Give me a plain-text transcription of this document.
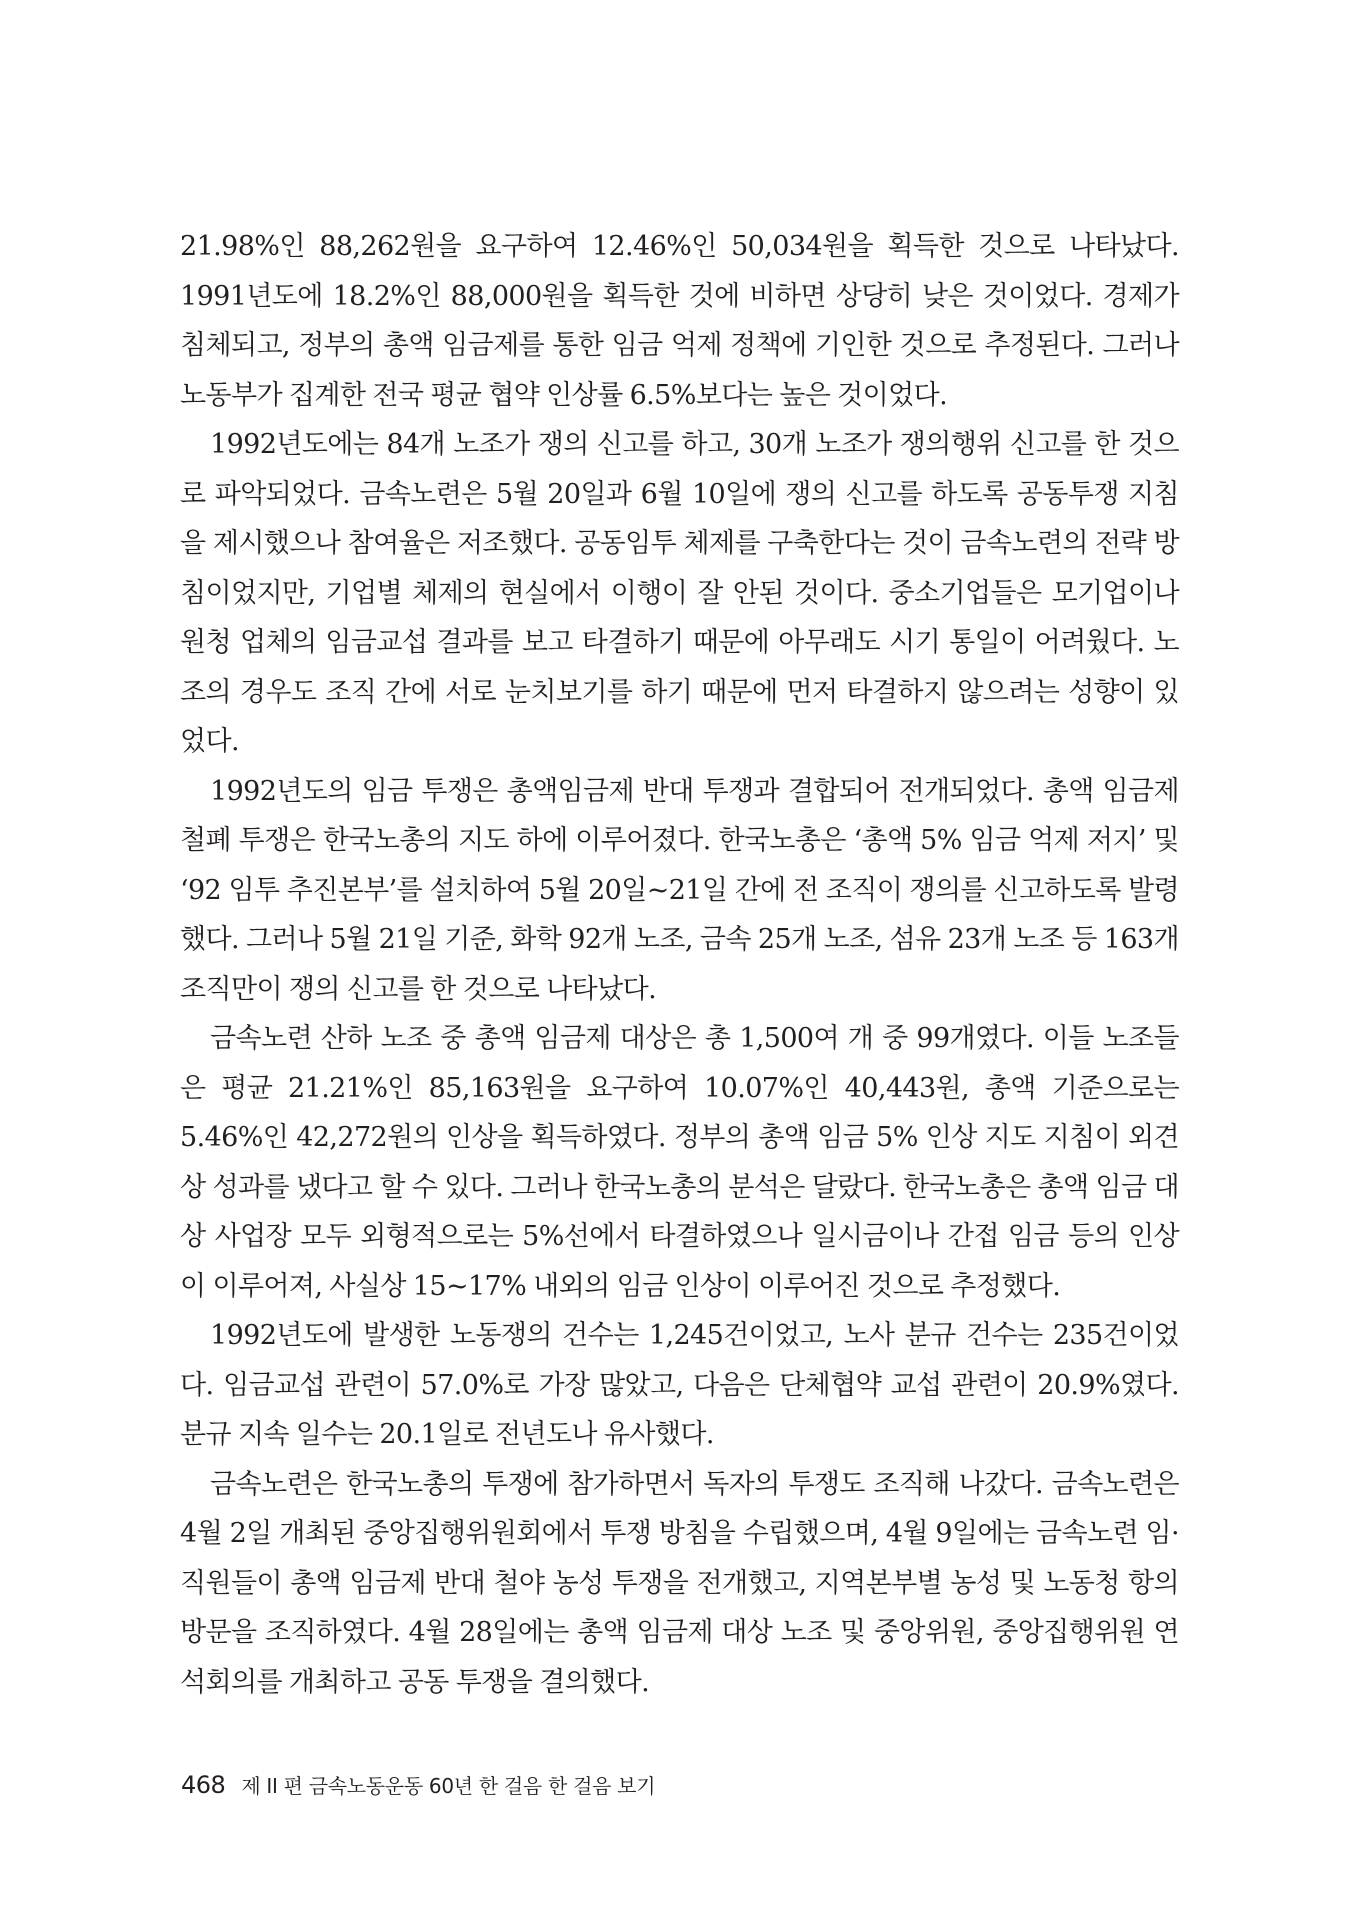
21.98%인 88,262원을 요구하여 12.46%인 50,034원을 획득한 것으로 나타났다. 1991년도에 18.2%인 88,000원을 획득한 것에 비하면 상당히 낮은 것이었다. 경제가 침체되고, 정부의 총액 임금제를 통한 임금 억제 정책에 기인한 것으로 추정된다. 그러나 노동부가 집계한 전국 평균 협약 인상률 6.5%보다는 높은 것이었다.

1992년도에는 84개 노조가 쟁의 신고를 하고, 30개 노조가 쟁의행위 신고를 한 것으로 파악되었다. 금속노련은 5월 20일과 6월 10일에 쟁의 신고를 하도록 공동투쟁 지침을 제시했으나 참여율은 저조했다. 공동임투 체제를 구축한다는 것이 금속노련의 전략 방침이었지만, 기업별 체제의 현실에서 이행이 잘 안된 것이다. 중소기업들은 모기업이나 원청 업체의 임금교섭 결과를 보고 타결하기 때문에 아무래도 시기 통일이 어려웠다. 노조의 경우도 조직 간에 서로 눈치보기를 하기 때문에 먼저 타결하지 않으려는 성향이 있었다.

1992년도의 임금 투쟁은 총액임금제 반대 투쟁과 결합되어 전개되었다. 총액 임금제 철폐 투쟁은 한국노총의 지도 하에 이루어졌다. 한국노총은 ‘총액 5% 임금 억제 저지’ 및 ‘92 임투 추진본부’를 설치하여 5월 20일~21일 간에 전 조직이 쟁의를 신고하도록 발령했다. 그러나 5월 21일 기준, 화학 92개 노조, 금속 25개 노조, 섬유 23개 노조 등 163개 조직만이 쟁의 신고를 한 것으로 나타났다.

금속노련 산하 노조 중 총액 임금제 대상은 총 1,500여 개 중 99개였다. 이들 노조들은 평균 21.21%인 85,163원을 요구하여 10.07%인 40,443원, 총액 기준으로는 5.46%인 42,272원의 인상을 획득하였다. 정부의 총액 임금 5% 인상 지도 지침이 외견상 성과를 냈다고 할 수 있다. 그러나 한국노총의 분석은 달랐다. 한국노총은 총액 임금 대상 사업장 모두 외형적으로는 5%선에서 타결하였으나 일시금이나 간접 임금 등의 인상이 이루어져, 사실상 15~17% 내외의 임금 인상이 이루어진 것으로 추정했다.

1992년도에 발생한 노동쟁의 건수는 1,245건이었고, 노사 분규 건수는 235건이었다. 임금교섭 관련이 57.0%로 가장 많았고, 다음은 단체협약 교섭 관련이 20.9%였다. 분규 지속 일수는 20.1일로 전년도나 유사했다.

금속노련은 한국노총의 투쟁에 참가하면서 독자의 투쟁도 조직해 나갔다. 금속노련은 4월 2일 개최된 중앙집행위원회에서 투쟁 방침을 수립했으며, 4월 9일에는 금속노련 임·직원들이 총액 임금제 반대 철야 농성 투쟁을 전개했고, 지역본부별 농성 및 노동청 항의 방문을 조직하였다. 4월 28일에는 총액 임금제 대상 노조 및 중앙위원, 중앙집행위원 연석회의를 개최하고 공동 투쟁을 결의했다.

468 제 II 편 금속노동운동 60년 한 걸음 한 걸음 보기
